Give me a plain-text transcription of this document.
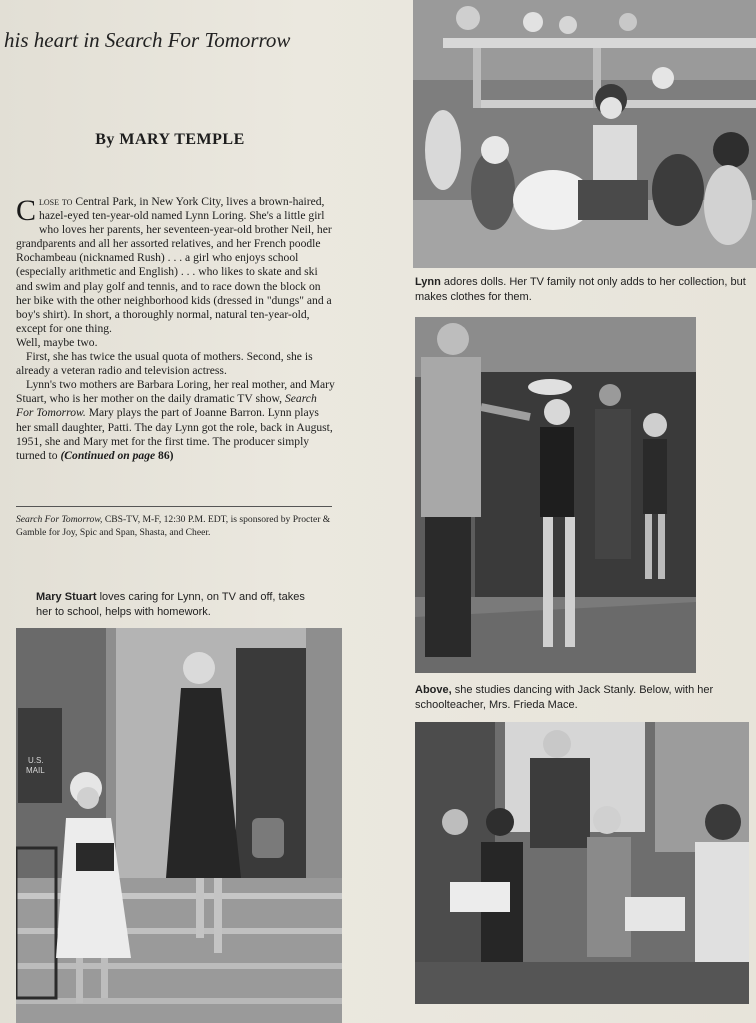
his heart in Search For Tomorrow
By MARY TEMPLE

Close to Central Park, in New York City, lives a brown-haired, hazel-eyed ten-year-old named Lynn Loring. She's a little girl who loves her parents, her seventeen-year-old brother Neil, her grandparents and all her assorted relatives, and her French poodle Rochambeau (nicknamed Rush) . . . a girl who enjoys school (especially arithmetic and English) . . . who likes to skate and ski and swim and play golf and tennis, and to race down the block on her bike with the other neighborhood kids (dressed in "dungs" and a boy's shirt). In short, a thoroughly normal, natural ten-year-old, except for one thing.

Well, maybe two.

First, she has twice the usual quota of mothers. Second, she is already a veteran radio and television actress.

Lynn's two mothers are Barbara Loring, her real mother, and Mary Stuart, who is her mother on the daily dramatic TV show, Search For Tomorrow. Mary plays the part of Joanne Barron. Lynn plays her small daughter, Patti. The day Lynn got the role, back in August, 1951, she and Mary met for the first time. The producer simply turned to (Continued on page 86)

Search For Tomorrow, CBS-TV, M-F, 12:30 P.M. EDT, is sponsored by Procter & Gamble for Joy, Spic and Span, Shasta, and Cheer.
Lynn adores dolls. Her TV family not only adds to her collection, but makes clothes for them.
Above, she studies dancing with Jack Stanly. Below, with her schoolteacher, Mrs. Frieda Mace.
Mary Stuart loves caring for Lynn, on TV and off, takes her to school, helps with homework.
U.S.
MAIL
